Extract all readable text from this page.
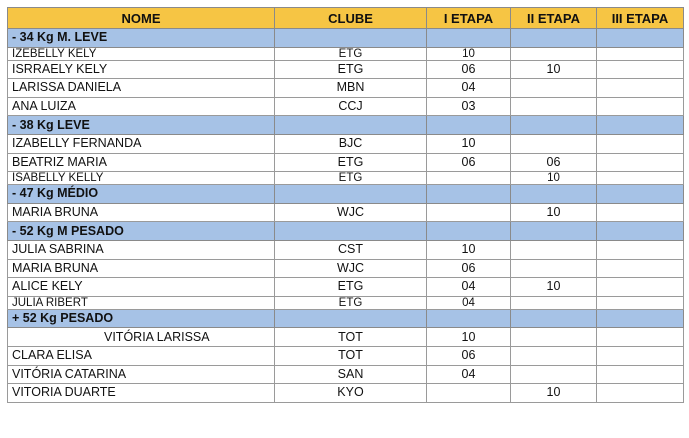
NOME	CLUBE	I ETAPA	II ETAPA	III ETAPA
- 34 Kg M. LEVE				
IZEBELLY KELY	ETG	10		
ISRRAELY KELY	ETG	06	10	
LARISSA DANIELA	MBN	04		
ANA LUIZA	CCJ	03		
- 38 Kg LEVE				
IZABELLY FERNANDA	BJC	10		
BEATRIZ MARIA	ETG	06	06	
ISABELLY KELLY	ETG		10	
- 47 Kg MÉDIO				
MARIA BRUNA	WJC		10	
- 52 Kg M PESADO				
JULIA SABRINA	CST	10		
MARIA BRUNA	WJC	06		
ALICE KELY	ETG	04	10	
JULIA RIBERT	ETG	04		
+ 52 Kg PESADO				
VITÓRIA LARISSA	TOT	10		
CLARA ELISA	TOT	06		
VITÓRIA CATARINA	SAN	04		
VITORIA DUARTE	KYO		10	
